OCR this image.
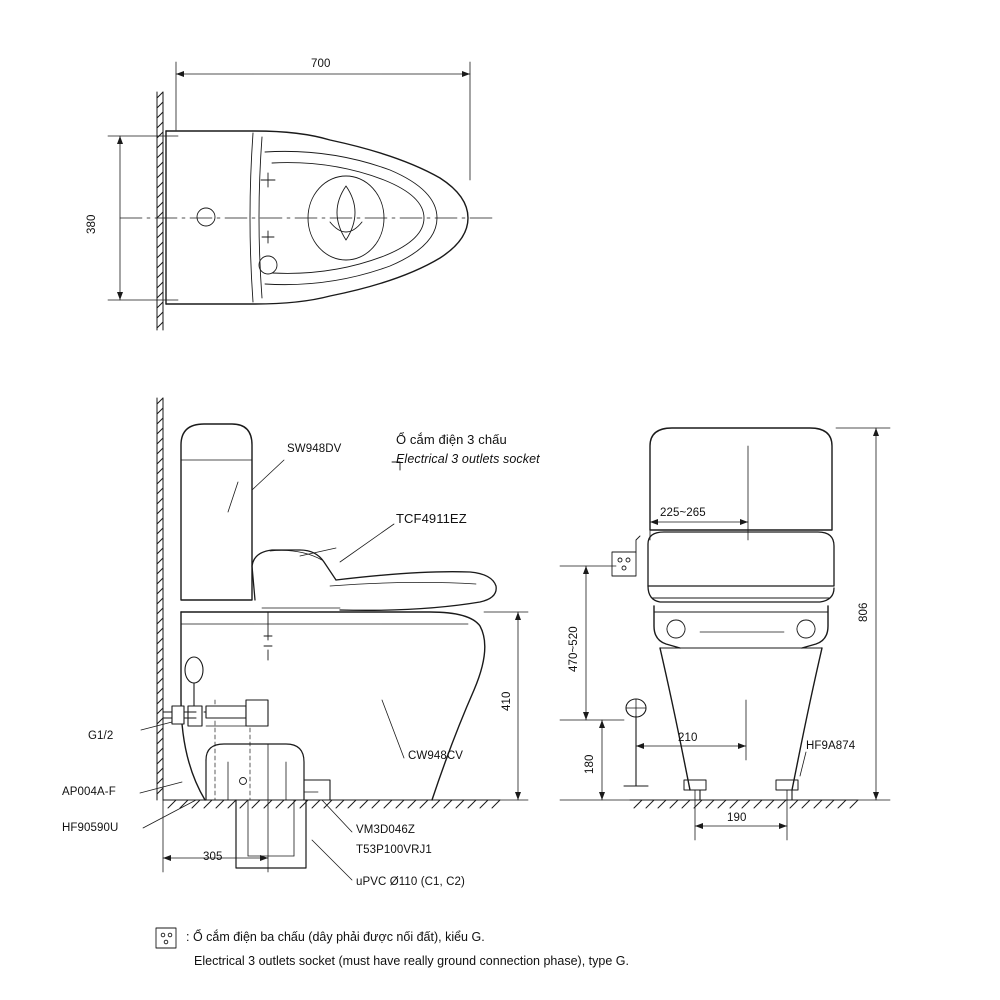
700
380
SW948DV
TCF4911EZ
CW948CV
G1/2
AP004A-F
HF90590U	VM3D046Z
T53P100VRJ1
uPVC Ø110 (C1, C2)
410
305
Ổ cắm điện 3 chấu
Electrical 3 outlets socket
225~265
806
470~520
180
210
190
HF9A874
: Ổ cắm điện ba chấu (dây phải được nối đất), kiểu G.
Electrical 3 outlets socket (must have really ground connection phase), type G.
